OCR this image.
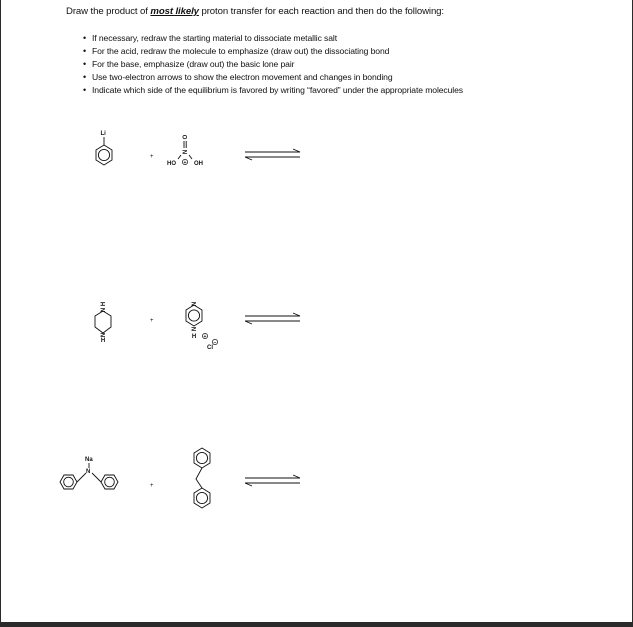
Draw the product of most likely proton transfer for each reaction and then do the following:
• If necessary, redraw the starting material to dissociate metallic salt
• For the acid, redraw the molecule to emphasize (draw out) the dissociating bond
• For the base, emphasize (draw out) the basic lone pair
• Use two-electron arrows to show the electron movement and changes in bonding
• Indicate which side of the equilibrium is favored by writing “favored” under the appropriate molecules
Li
+
O
N
HO	OH
+
H
N
N
H
+
N
N
H +
Cl
−
Na
N
+
